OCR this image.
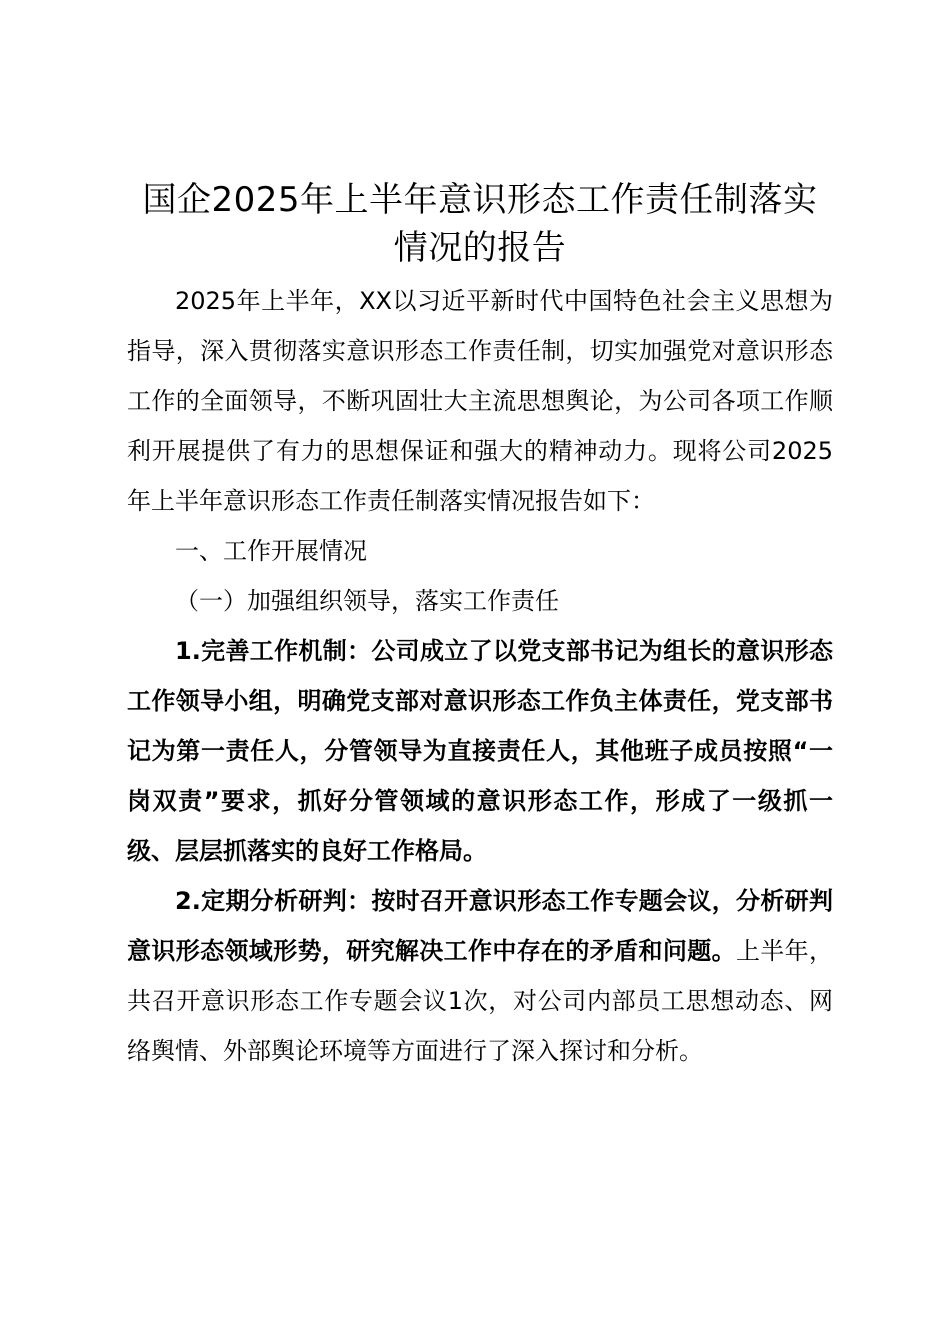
国企2025年上半年意识形态工作责任制落实情况的报告

2025年上半年，XX以习近平新时代中国特色社会主义思想为指导，深入贯彻落实意识形态工作责任制，切实加强党对意识形态工作的全面领导，不断巩固壮大主流思想舆论，为公司各项工作顺利开展提供了有力的思想保证和强大的精神动力。现将公司2025年上半年意识形态工作责任制落实情况报告如下：

一、工作开展情况

（一）加强组织领导，落实工作责任

1.完善工作机制：公司成立了以党支部书记为组长的意识形态工作领导小组，明确党支部对意识形态工作负主体责任，党支部书记为第一责任人，分管领导为直接责任人，其他班子成员按照“一岗双责”要求，抓好分管领域的意识形态工作，形成了一级抓一级、层层抓落实的良好工作格局。

2.定期分析研判：按时召开意识形态工作专题会议，分析研判意识形态领域形势，研究解决工作中存在的矛盾和问题。上半年，共召开意识形态工作专题会议1次，对公司内部员工思想动态、网络舆情、外部舆论环境等方面进行了深入探讨和分析。
